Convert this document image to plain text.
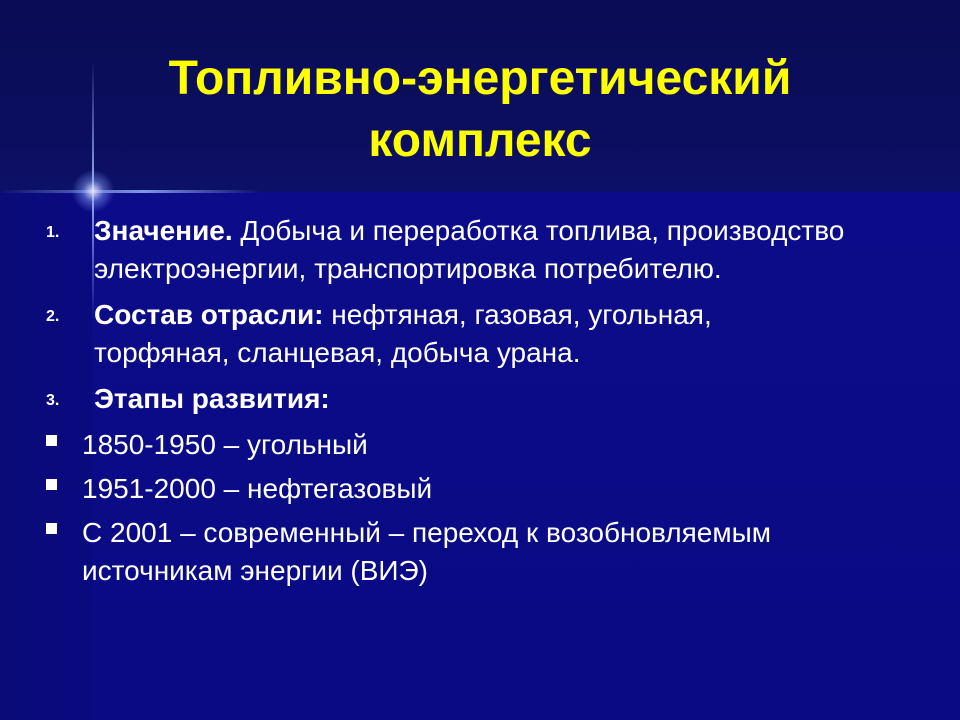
Топливно-энергетический
комплекс
1. Значение. Добыча и переработка топлива, производство электроэнергии, транспортировка потребителю.
2. Состав отрасли: нефтяная, газовая, угольная, торфяная, сланцевая, добыча урана.
3. Этапы развития:
1850-1950 – угольный
1951-2000 – нефтегазовый
С 2001 – современный – переход к возобновляемым источникам энергии (ВИЭ)
